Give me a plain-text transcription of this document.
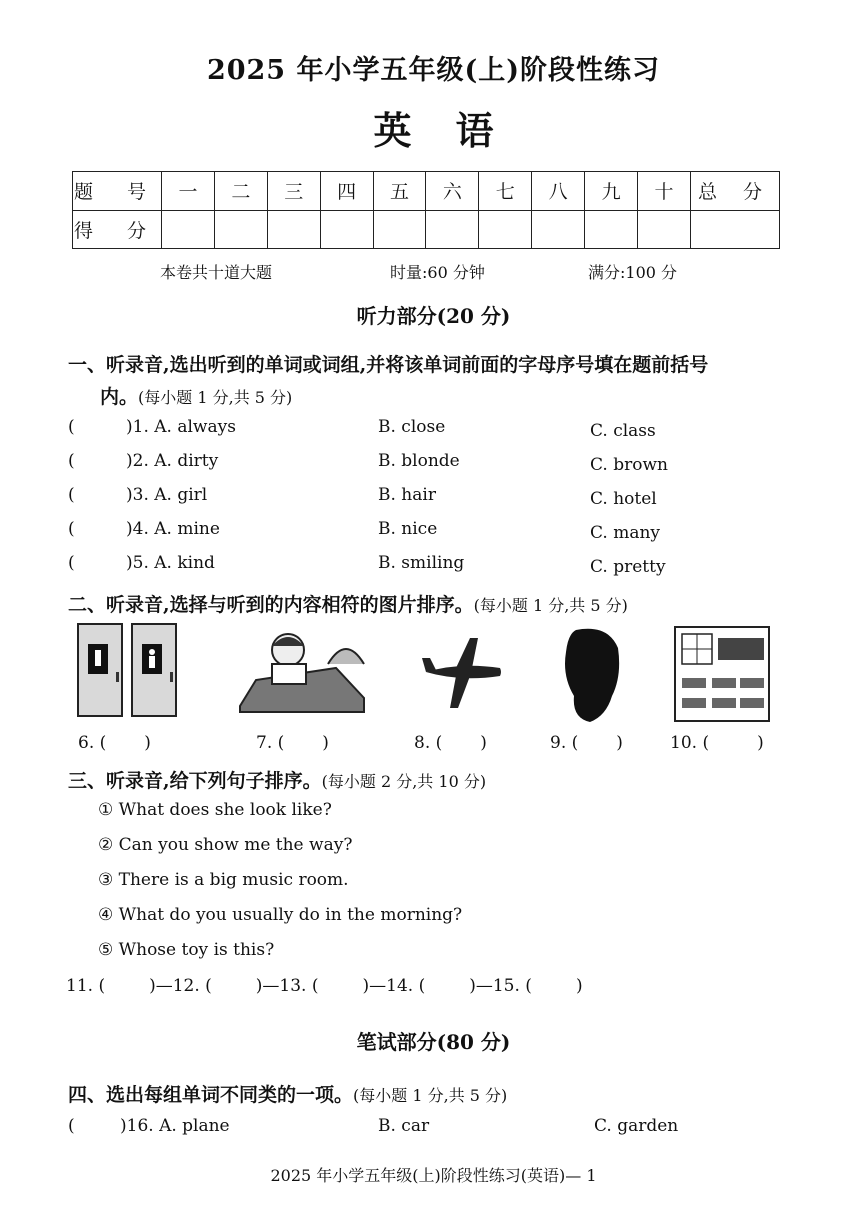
2025 年小学五年级(上)阶段性练习
英 语
题 号	一	二	三	四	五	六	七	八	九	十	总 分
得 分											
本卷共十道大题	时量:60 分钟	满分:100 分
听力部分(20 分)
一、听录音,选出听到的单词或词组,并将该单词前面的字母序号填在题前括号
内。(每小题 1 分,共 5 分)
(	)1. A. always	B. close	C. class
(	)2. A. dirty	B. blonde	C. brown
(	)3. A. girl	B. hair	C. hotel
(	)4. A. mine	B. nice	C. many
(	)5. A. kind	B. smiling	C. pretty
二、听录音,选择与听到的内容相符的图片排序。(每小题 1 分,共 5 分)
6. ( )	7. ( )	8. ( )	9. ( )	10. (	)
三、听录音,给下列句子排序。(每小题 2 分,共 10 分)
① What does she look like?
② Can you show me the way?
③ There is a big music room.
④ What do you usually do in the morning?
⑤ Whose toy is this?
11. (	)—12. (	)—13. (	)—14. (	)—15. (	)
笔试部分(80 分)
四、选出每组单词不同类的一项。(每小题 1 分,共 5 分)
(	)16. A. plane	B. car	C. garden
2025 年小学五年级(上)阶段性练习(英语)— 1
